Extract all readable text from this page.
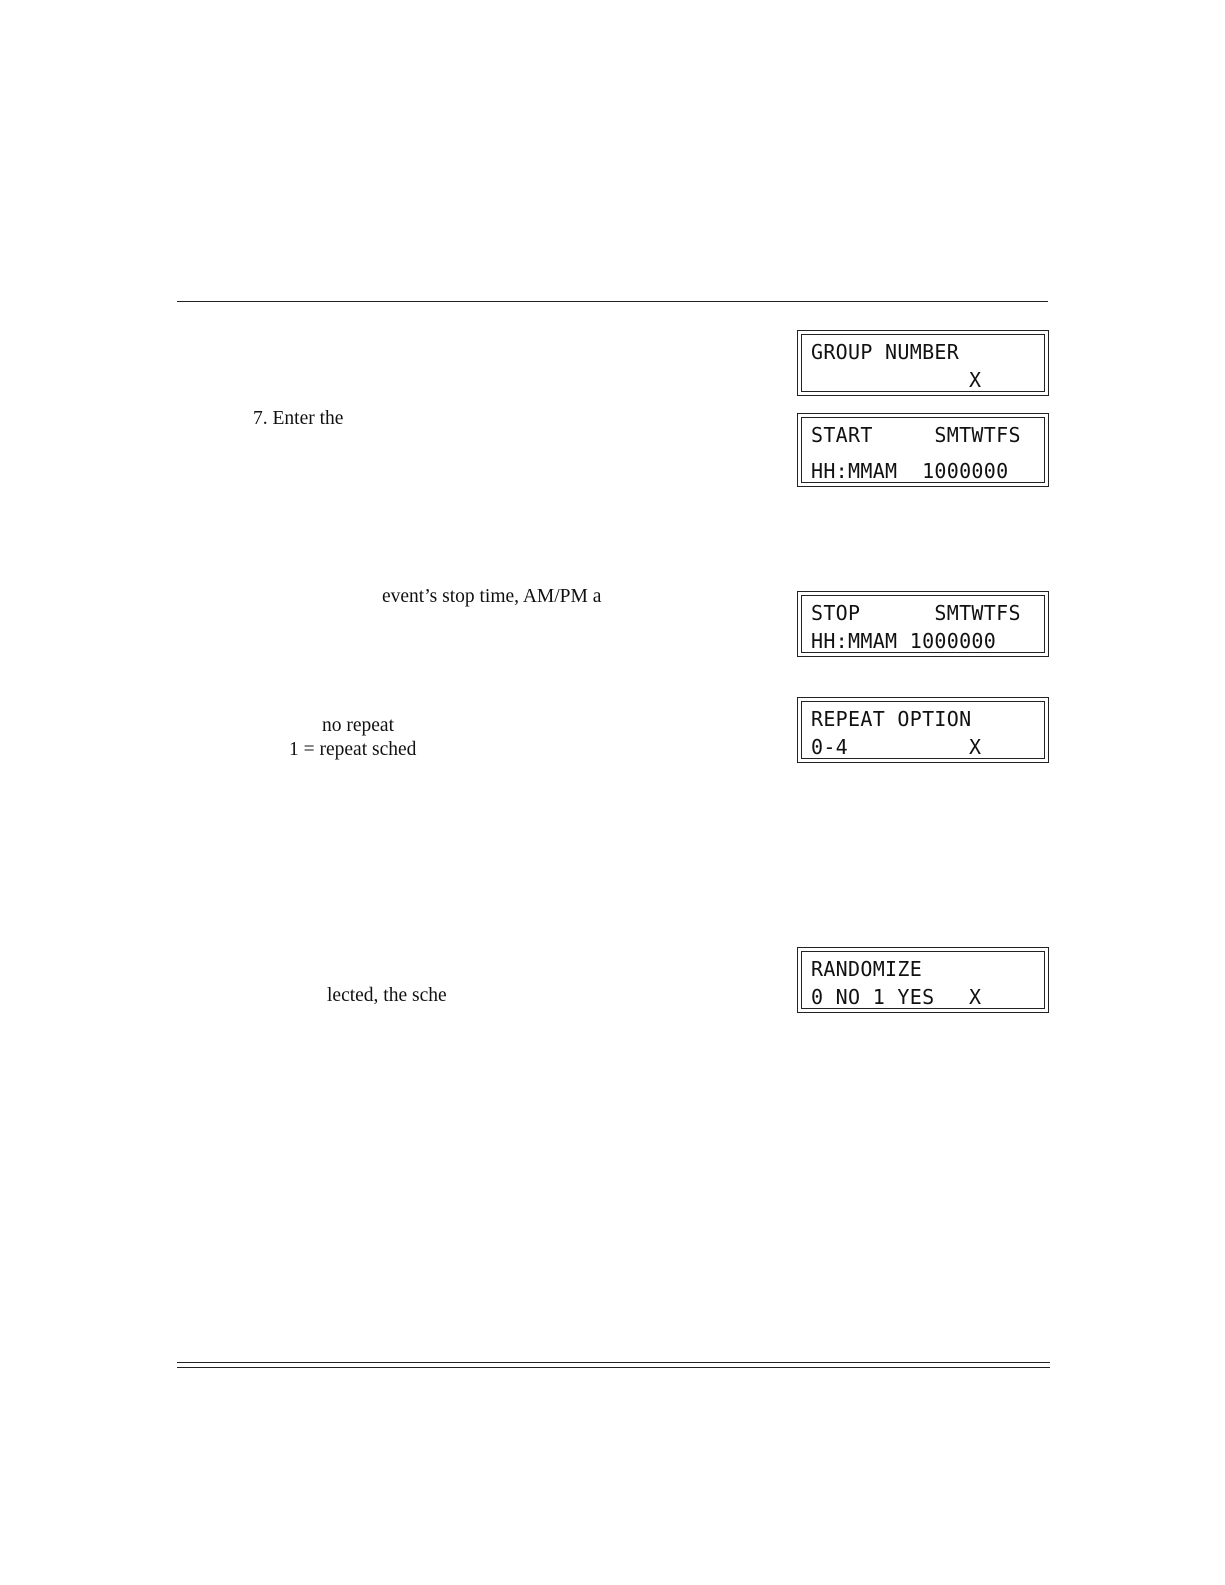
7. Enter the
event’s stop time, AM/PM a
no repeat
1 = repeat sched
lected, the sche
GROUP NUMBER
X
START     SMTWTFS
HH:MMAM  1000000
STOP      SMTWTFS
HH:MMAM 1000000
REPEAT OPTION
0-4	X
RANDOMIZE
0 NO 1 YES X
